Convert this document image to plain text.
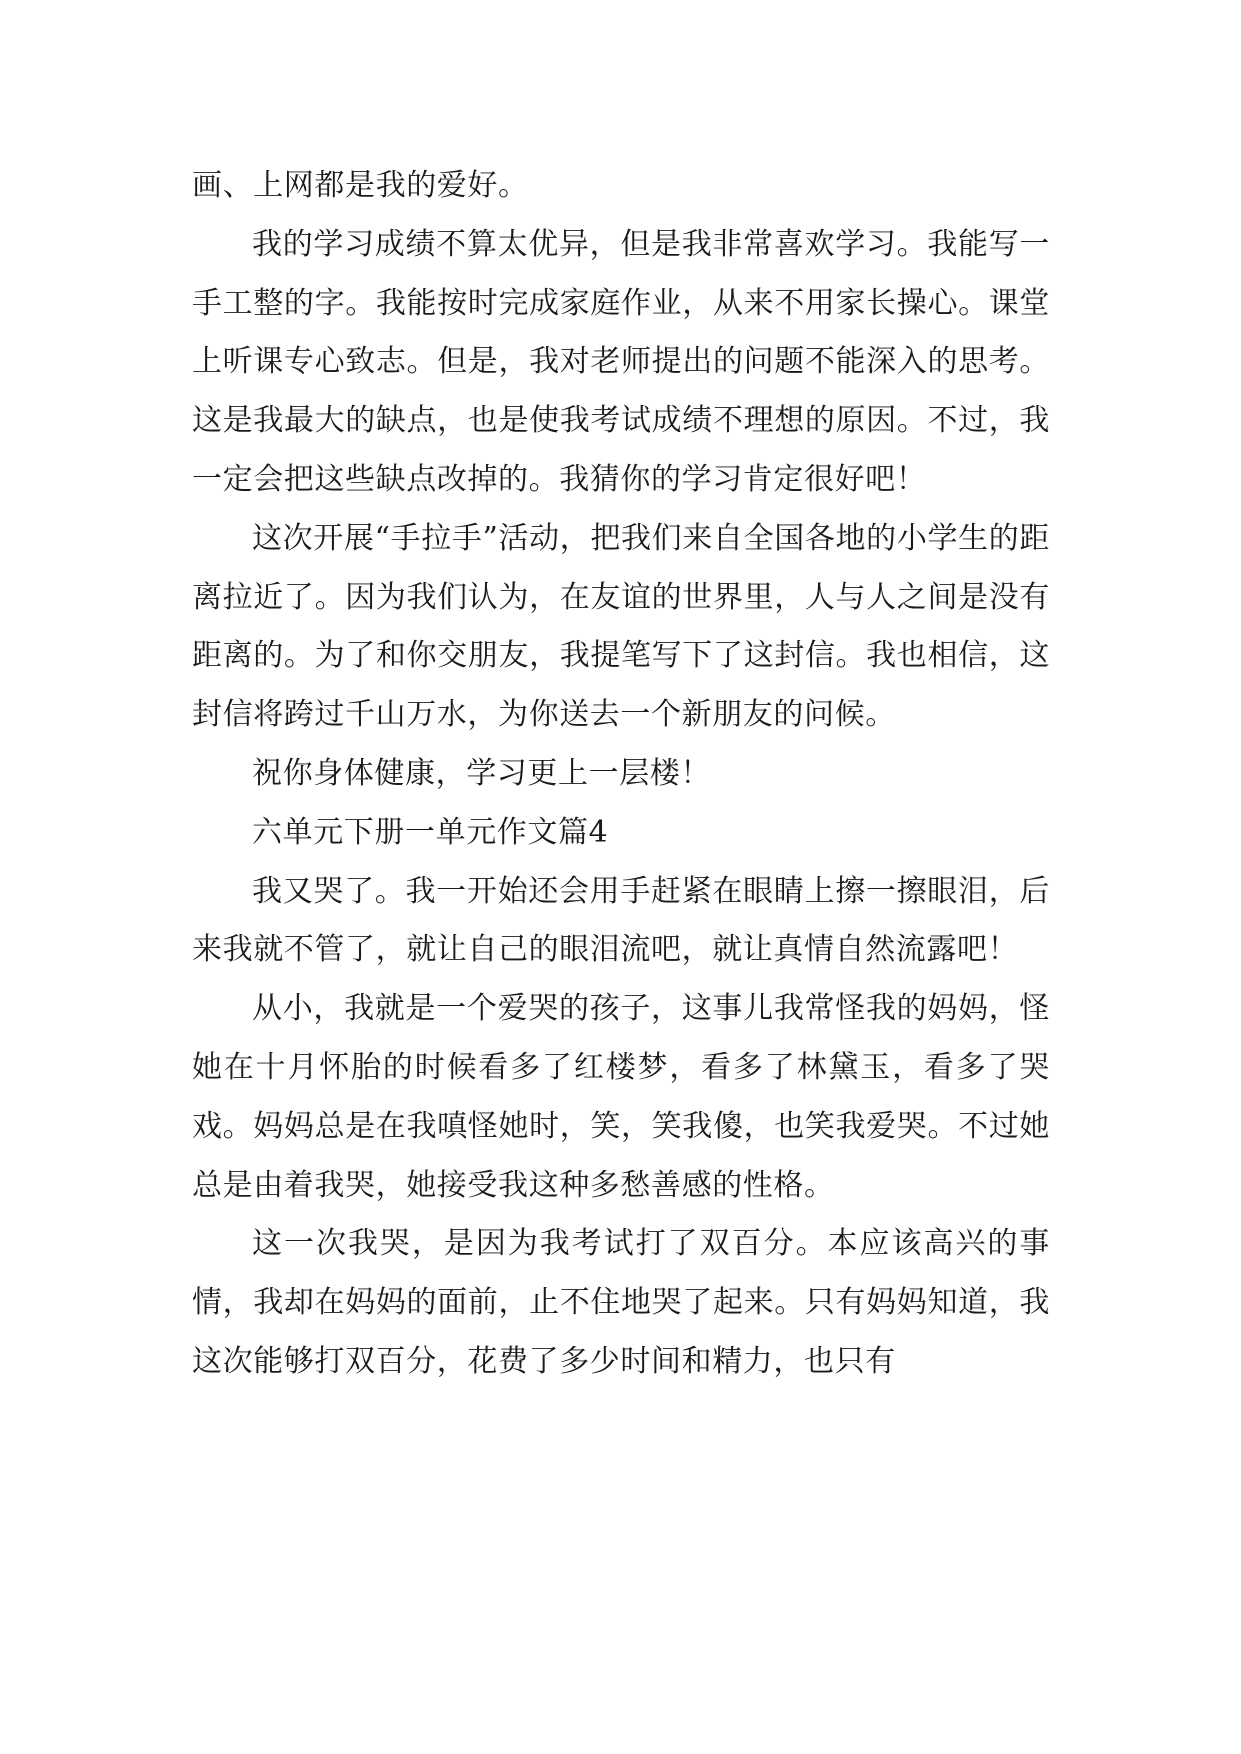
画、上网都是我的爱好。

我的学习成绩不算太优异，但是我非常喜欢学习。我能写一手工整的字。我能按时完成家庭作业，从来不用家长操心。课堂上听课专心致志。但是，我对老师提出的问题不能深入的思考。这是我最大的缺点，也是使我考试成绩不理想的原因。不过，我一定会把这些缺点改掉的。我猜你的学习肯定很好吧！

这次开展“手拉手”活动，把我们来自全国各地的小学生的距离拉近了。因为我们认为，在友谊的世界里，人与人之间是没有距离的。为了和你交朋友，我提笔写下了这封信。我也相信，这封信将跨过千山万水，为你送去一个新朋友的问候。

祝你身体健康，学习更上一层楼！

六单元下册一单元作文篇4

我又哭了。我一开始还会用手赶紧在眼睛上擦一擦眼泪，后来我就不管了，就让自己的眼泪流吧，就让真情自然流露吧！

从小，我就是一个爱哭的孩子，这事儿我常怪我的妈妈，怪她在十月怀胎的时候看多了红楼梦，看多了林黛玉，看多了哭戏。妈妈总是在我嗔怪她时，笑，笑我傻，也笑我爱哭。不过她总是由着我哭，她接受我这种多愁善感的性格。

这一次我哭，是因为我考试打了双百分。本应该高兴的事情，我却在妈妈的面前，止不住地哭了起来。只有妈妈知道，我这次能够打双百分，花费了多少时间和精力，也只有
